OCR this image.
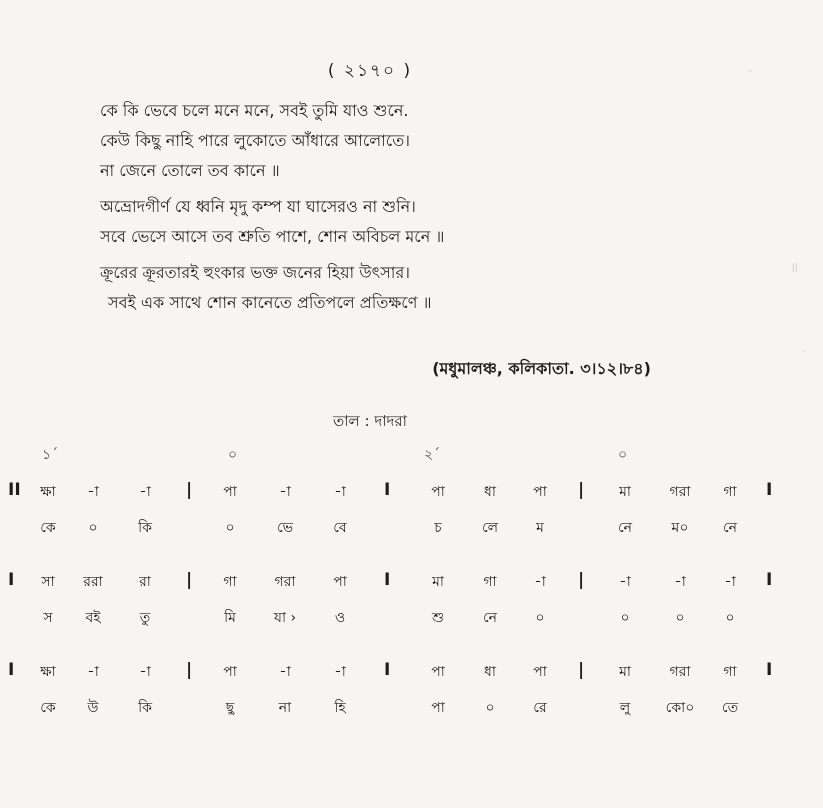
( ২১৭০ )
কে কি ভেবে চলে মনে মনে, সবই তুমি যাও শুনে.
কেউ কিছু নাহি পারে লুকোতে আঁধারে আলোতে।
না জেনে তোলে তব কানে ॥
অভ্রোদগীর্ণ যে ধ্বনি মৃদু কম্প যা ঘাসেরও না শুনি।
সবে ভেসে আসে তব শ্রুতি পাশে, শোন অবিচল মনে ॥
ক্রূরের ক্রূরতারই হুংকার ভক্ত জনের হিয়া উৎসার।
সবই এক সাথে শোন কানেতে প্রতিপলে প্রতিক্ষণে ॥
(মধুমালঞ্চ, কলিকাতা. ৩।১২।৮৪)
তাল : দাদরা
১´	০	২´	০
II	ক্ষা	-া	-া	পা	-া	-া	পা	ধা	পা	মা	গরা	গা
|	I	|	I
কে	০	কি	০	ভে	বে	চ	লে	ম	নে	ম০	নে
I	সা	ররা	রা	গা	গরা	পা	মা	গা	-া	-া	-া	-া
|	I	|	I
স	বই	তু	মি	যা ›	ও	শু	নে	০	০	০	০
I	ক্ষা	-া	-া	পা	-া	-া	পা	ধা	পা	মা	গরা	গা
|	I	|	I
কে	উ	কি	ছু	না	হি	পা	০	রে	লু	কো০	তে
·
॥
·
